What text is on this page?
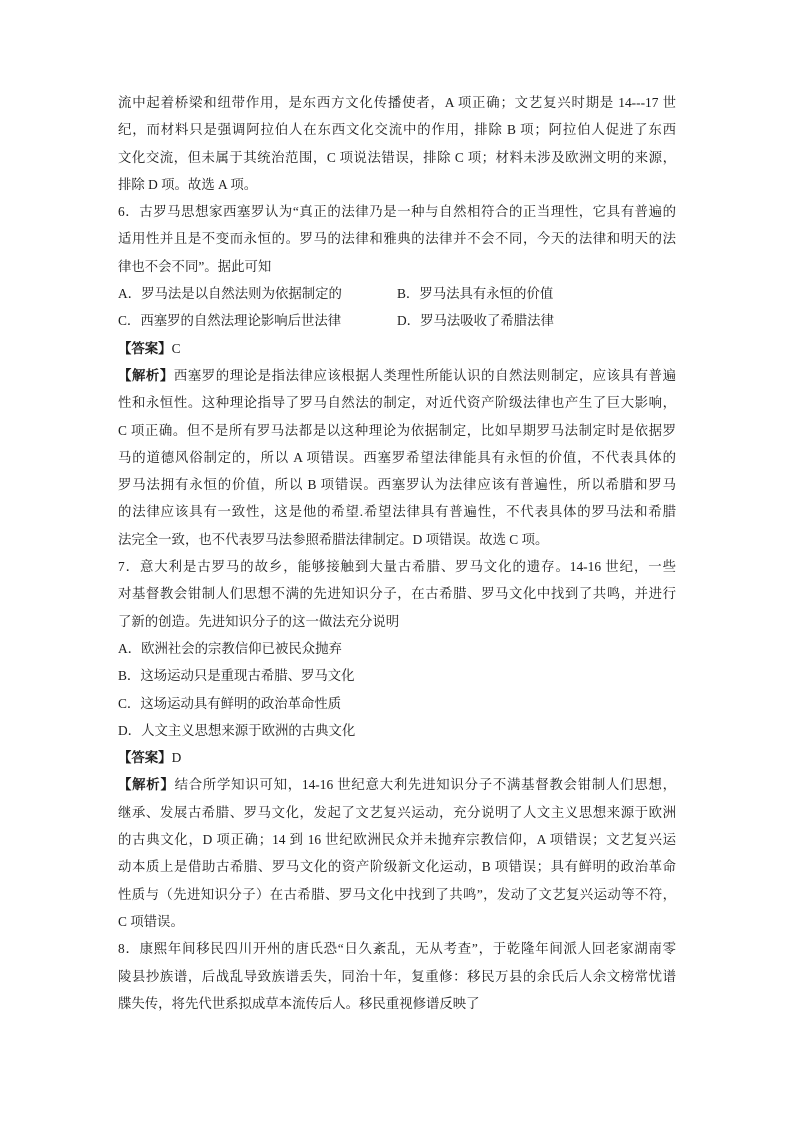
流中起着桥梁和纽带作用，是东西方文化传播使者，A 项正确；文艺复兴时期是 14---17 世
纪，而材料只是强调阿拉伯人在东西文化交流中的作用，排除 B 项；阿拉伯人促进了东西
文化交流，但未属于其统治范围，C 项说法错误，排除 C 项；材料未涉及欧洲文明的来源，
排除 D 项。故选 A 项。
6．古罗马思想家西塞罗认为“真正的法律乃是一种与自然相符合的正当理性，它具有普遍的
适用性并且是不变而永恒的。罗马的法律和雅典的法律并不会不同，今天的法律和明天的法
律也不会不同”。据此可知
A．罗马法是以自然法则为依据制定的	B．罗马法具有永恒的价值
C．西塞罗的自然法理论影响后世法律	D．罗马法吸收了希腊法律
【答案】C
【解析】西塞罗的理论是指法律应该根据人类理性所能认识的自然法则制定，应该具有普遍
性和永恒性。这种理论指导了罗马自然法的制定，对近代资产阶级法律也产生了巨大影响，
C 项正确。但不是所有罗马法都是以这种理论为依据制定，比如早期罗马法制定时是依据罗
马的道德风俗制定的，所以 A 项错误。西塞罗希望法律能具有永恒的价值，不代表具体的
罗马法拥有永恒的价值，所以 B 项错误。西塞罗认为法律应该有普遍性，所以希腊和罗马
的法律应该具有一致性，这是他的希望.希望法律具有普遍性，不代表具体的罗马法和希腊
法完全一致，也不代表罗马法参照希腊法律制定。D 项错误。故选 C 项。
7．意大利是古罗马的故乡，能够接触到大量古希腊、罗马文化的遗存。14-16 世纪，一些
对基督教会钳制人们思想不满的先进知识分子，在古希腊、罗马文化中找到了共鸣，并进行
了新的创造。先进知识分子的这一做法充分说明
A．欧洲社会的宗教信仰已被民众抛弃
B．这场运动只是重现古希腊、罗马文化
C．这场运动具有鲜明的政治革命性质
D．人文主义思想来源于欧洲的古典文化
【答案】D
【解析】结合所学知识可知，14-16 世纪意大利先进知识分子不满基督教会钳制人们思想，
继承、发展古希腊、罗马文化，发起了文艺复兴运动，充分说明了人文主义思想来源于欧洲
的古典文化，D 项正确；14 到 16 世纪欧洲民众并未抛弃宗教信仰，A 项错误；文艺复兴运
动本质上是借助古希腊、罗马文化的资产阶级新文化运动，B 项错误；具有鲜明的政治革命
性质与（先进知识分子）在古希腊、罗马文化中找到了共鸣”，发动了文艺复兴运动等不符，
C 项错误。
8．康熙年间移民四川开州的唐氏恐“日久紊乱，无从考查”，于乾隆年间派人回老家湖南零
陵县抄族谱，后战乱导致族谱丢失，同治十年，复重修：移民万县的余氏后人余文榜常忧谱
牒失传，将先代世系拟成草本流传后人。移民重视修谱反映了
